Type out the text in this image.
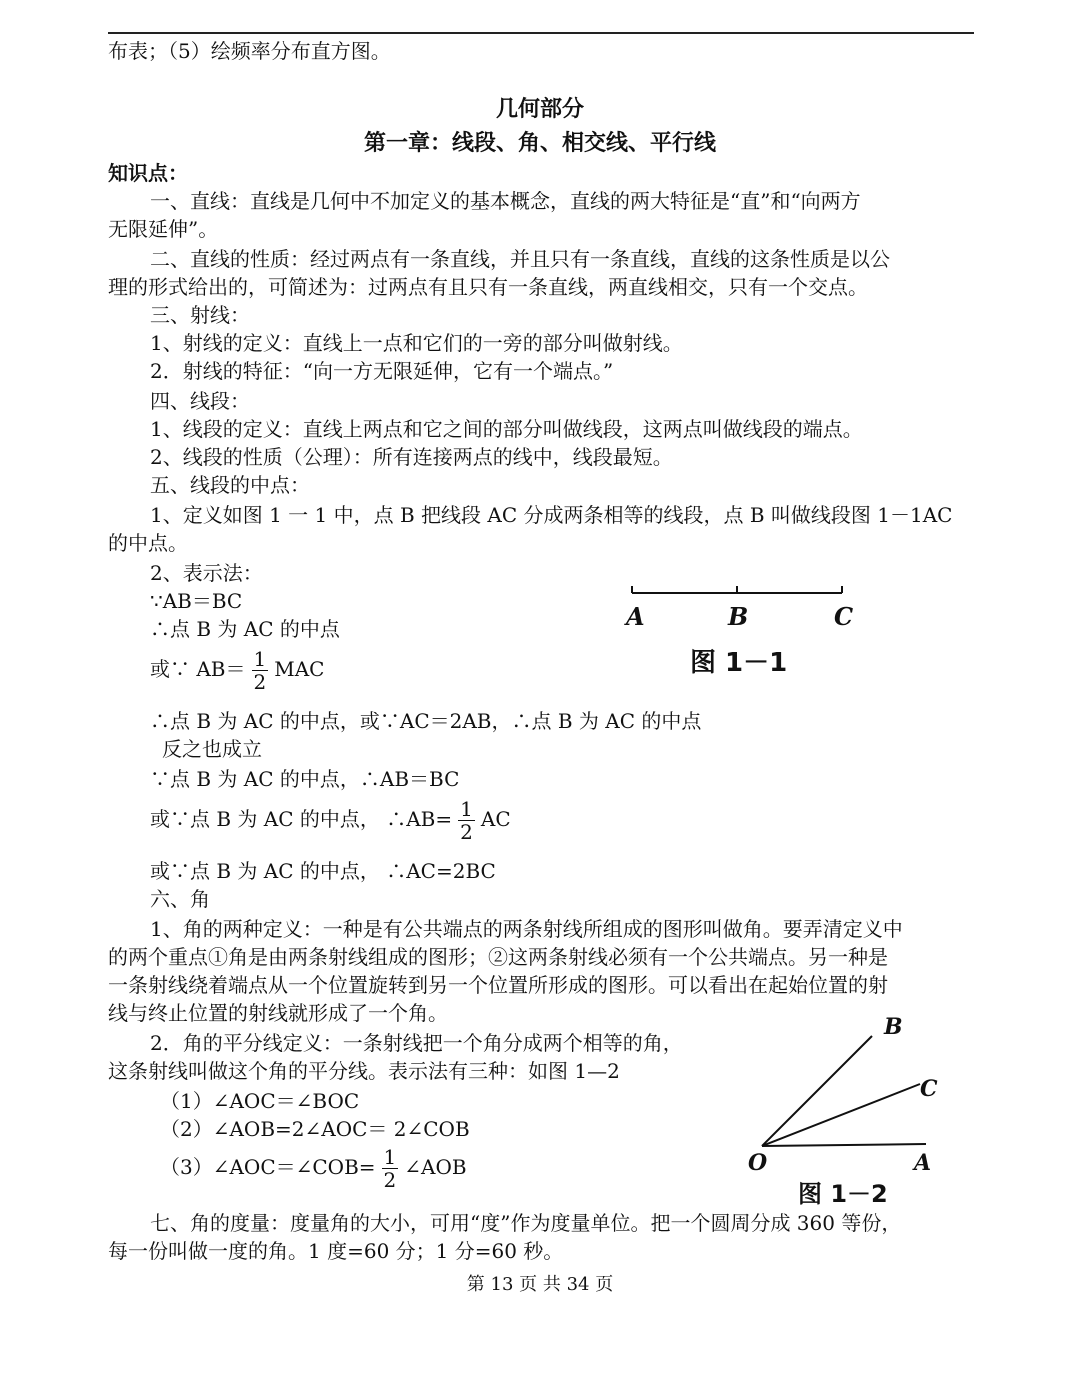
布表；（5）绘频率分布直方图。
几何部分
第一章：线段、角、相交线、平行线
知识点：
一、直线：直线是几何中不加定义的基本概念，直线的两大特征是“直”和“向两方
无限延伸”。
二、直线的性质：经过两点有一条直线，并且只有一条直线，直线的这条性质是以公
理的形式给出的，可简述为：过两点有且只有一条直线，两直线相交，只有一个交点。
三、射线：
1、射线的定义：直线上一点和它们的一旁的部分叫做射线。
2．射线的特征：“向一方无限延伸，它有一个端点。”
四、线段：
1、线段的定义：直线上两点和它之间的部分叫做线段，这两点叫做线段的端点。
2、线段的性质（公理）：所有连接两点的线中，线段最短。
五、线段的中点：
1、定义如图 1 一 1 中，点 B 把线段 AC 分成两条相等的线段，点 B 叫做线段图 1－1AC
的中点。
2、表示法：
∵AB＝BC
∴点 B 为 AC 的中点
或∵ $AB= \frac{1}{2}$ MAC
∴点 B 为 AC 的中点，或∵AC＝2AB，∴点 B 为 AC 的中点
反之也成立
∵点 B 为 AC 的中点，∴AB＝BC
或∵点 B 为 AC 的中点， ∴AB= $\frac{1}{2}$ AC
或∵点 B 为 AC 的中点， ∴AC=2BC
六、角
1、角的两种定义：一种是有公共端点的两条射线所组成的图形叫做角。要弄清定义中
的两个重点①角是由两条射线组成的图形；②这两条射线必须有一个公共端点。另一种是
一条射线绕着端点从一个位置旋转到另一个位置所形成的图形。可以看出在起始位置的射
线与终止位置的射线就形成了一个角。
2．角的平分线定义：一条射线把一个角分成两个相等的角，
这条射线叫做这个角的平分线。表示法有三种：如图 1—2
（1）∠AOC＝∠BOC
（2）∠AOB=2∠AOC＝ 2∠COB
（3）∠AOC＝∠COB= $\frac{1}{2}$ ∠AOB
七、角的度量：度量角的大小，可用“度”作为度量单位。把一个圆周分成 360 等份，
每一份叫做一度的角。1 度=60 分；1 分=60 秒。
A	B	C
图 1－1
B
C
O	A
图 1－2
第 13 页 共 34 页
